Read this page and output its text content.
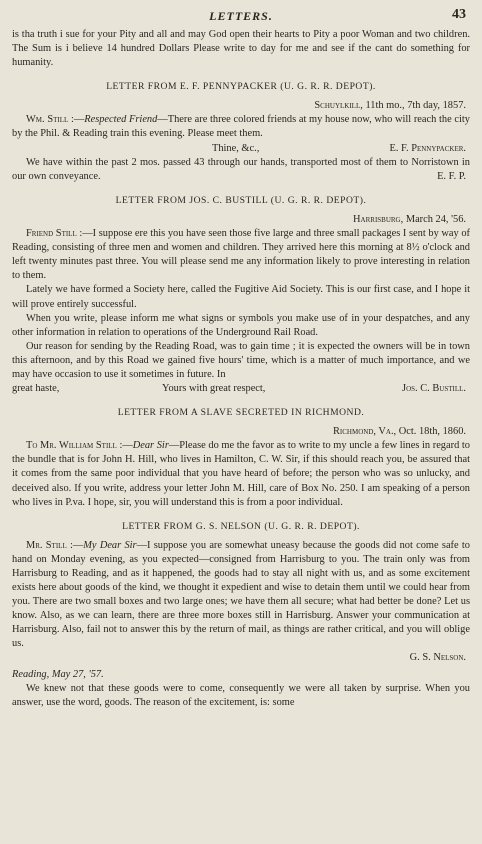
LETTERS.	43

is tha truth i sue for your Pity and all and may God open their hearts to Pity a poor Woman and two children. The Sum is i believe 14 hundred Dollars Please write to day for me and see if the cant do something for humanity.

LETTER FROM E. F. PENNYPACKER (U. G. R. R. DEPOT).
Schuylkill, 11th mo., 7th day, 1857.

Wm. Still :—Respected Friend—There are three colored friends at my house now, who will reach the city by the Phil. & Reading train this evening. Please meet them.

Thine, &c.,	E. F. Pennypacker.

We have within the past 2 mos. passed 43 through our hands, transported most of them to Norristown in our own conveyance.	E. F. P.
LETTER FROM JOS. C. BUSTILL (U. G. R. R. DEPOT).
Harrisburg, March 24, '56.

Friend Still :—I suppose ere this you have seen those five large and three small packages I sent by way of Reading, consisting of three men and women and children. They arrived here this morning at 8½ o'clock and left twenty minutes past three. You will please send me any information likely to prove interesting in relation to them.

Lately we have formed a Society here, called the Fugitive Aid Society. This is our first case, and I hope it will prove entirely successful.

When you write, please inform me what signs or symbols you make use of in your despatches, and any other information in relation to operations of the Underground Rail Road.

Our reason for sending by the Reading Road, was to gain time ; it is expected the owners will be in town this afternoon, and by this Road we gained five hours' time, which is a matter of much importance, and we may have occasion to use it sometimes in future. In

great haste,	Yours with great respect,	Jos. C. Bustill.
LETTER FROM A SLAVE SECRETED IN RICHMOND.
Richmond, Va., Oct. 18th, 1860.

To Mr. William Still :—Dear Sir—Please do me the favor as to write to my uncle a few lines in regard to the bundle that is for John H. Hill, who lives in Hamilton, C. W. Sir, if this should reach you, be assured that it comes from the same poor individual that you have heard of before; the person who was so unlucky, and deceived also. If you write, address your letter John M. Hill, care of Box No. 250. I am speaking of a person who lives in P.va. I hope, sir, you will understand this is from a poor individual.

LETTER FROM G. S. NELSON (U. G. R. R. DEPOT).

Mr. Still :—My Dear Sir—I suppose you are somewhat uneasy because the goods did not come safe to hand on Monday evening, as you expected—consigned from Harrisburg to you. The train only was from Harrisburg to Reading, and as it happened, the goods had to stay all night with us, and as some excitement exists here about goods of the kind, we thought it expedient and wise to detain them until we could hear from you. There are two small boxes and two large ones; we have them all secure; what had better be done? Let us know. Also, as we can learn, there are three more boxes still in Harrisburg. Answer your communication at Harrisburg. Also, fail not to answer this by the return of mail, as things are rather critical, and you will oblige us.

G. S. Nelson.

Reading, May 27, '57.

We knew not that these goods were to come, consequently we were all taken by surprise. When you answer, use the word, goods. The reason of the excitement, is: some
